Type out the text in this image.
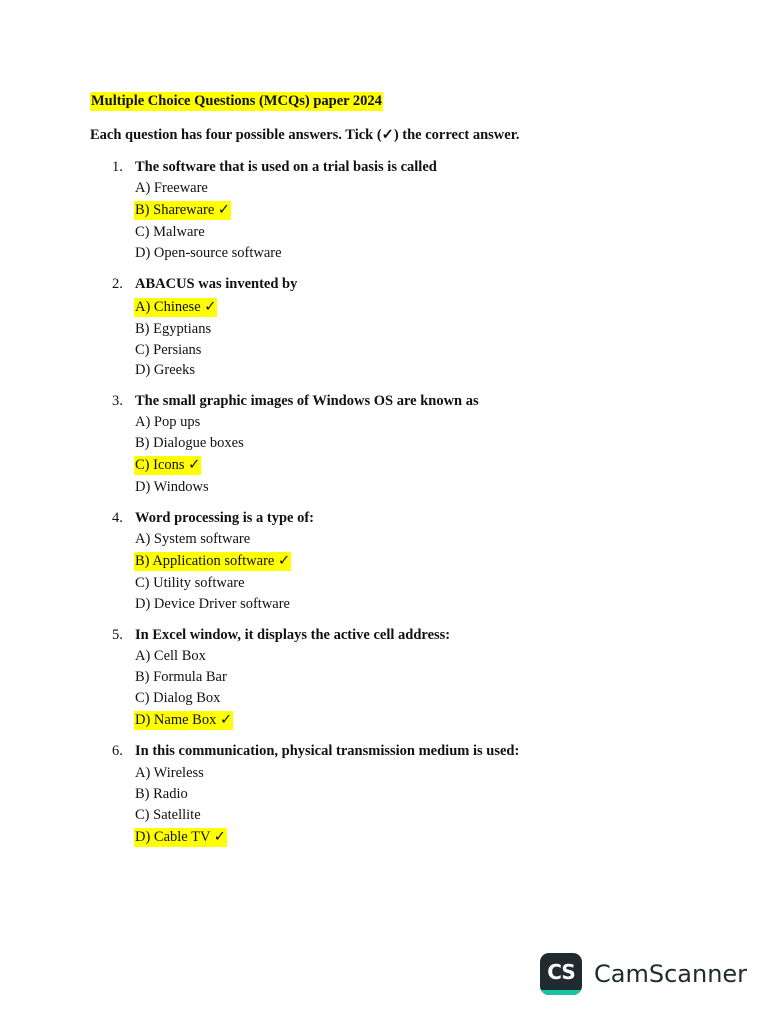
Multiple Choice Questions (MCQs) paper 2024
Each question has four possible answers. Tick (✓) the correct answer.
1. The software that is used on a trial basis is called
A) Freeware
B) Shareware ✓
C) Malware
D) Open-source software
2. ABACUS was invented by
A) Chinese ✓
B) Egyptians
C) Persians
D) Greeks
3. The small graphic images of Windows OS are known as
A) Pop ups
B) Dialogue boxes
C) Icons ✓
D) Windows
4. Word processing is a type of:
A) System software
B) Application software ✓
C) Utility software
D) Device Driver software
5. In Excel window, it displays the active cell address:
A) Cell Box
B) Formula Bar
C) Dialog Box
D) Name Box ✓
6. In this communication, physical transmission medium is used:
A) Wireless
B) Radio
C) Satellite
D) Cable TV ✓
CS CamScanner
